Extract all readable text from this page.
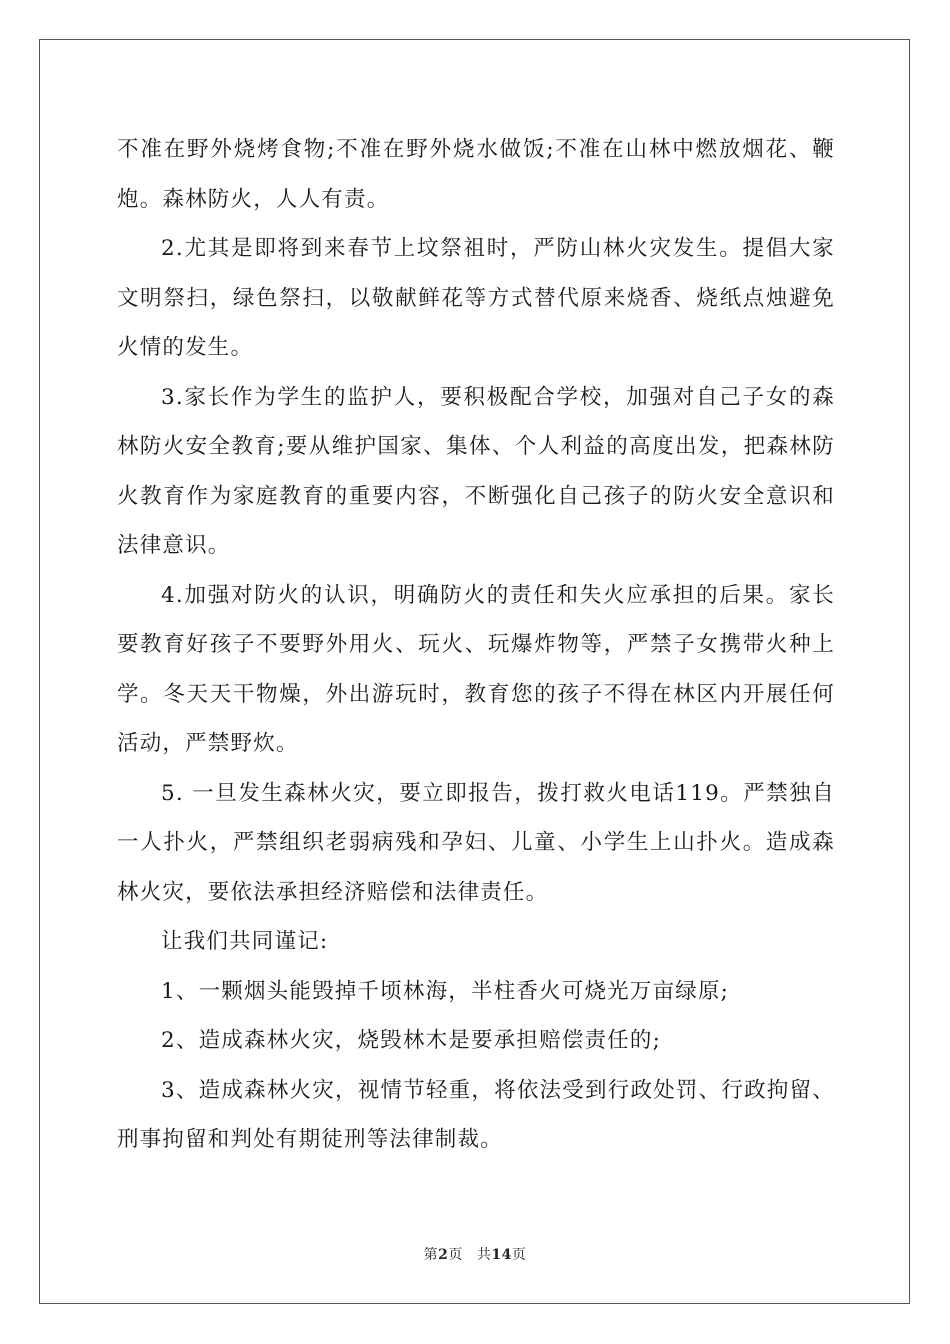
不准在野外烧烤食物;不准在野外烧水做饭;不准在山林中燃放烟花、鞭炮。森林防火，人人有责。

2.尤其是即将到来春节上坟祭祖时，严防山林火灾发生。提倡大家文明祭扫，绿色祭扫，以敬献鲜花等方式替代原来烧香、烧纸点烛避免火情的发生。

3.家长作为学生的监护人，要积极配合学校，加强对自己子女的森林防火安全教育;要从维护国家、集体、个人利益的高度出发，把森林防火教育作为家庭教育的重要内容，不断强化自己孩子的防火安全意识和法律意识。

4.加强对防火的认识，明确防火的责任和失火应承担的后果。家长要教育好孩子不要野外用火、玩火、玩爆炸物等，严禁子女携带火种上学。冬天天干物燥，外出游玩时，教育您的孩子不得在林区内开展任何活动，严禁野炊。

5. 一旦发生森林火灾，要立即报告，拨打救火电话119。严禁独自一人扑火，严禁组织老弱病残和孕妇、儿童、小学生上山扑火。造成森林火灾，要依法承担经济赔偿和法律责任。

让我们共同谨记:

1、一颗烟头能毁掉千顷林海，半柱香火可烧光万亩绿原;

2、造成森林火灾，烧毁林木是要承担赔偿责任的;

3、造成森林火灾，视情节轻重，将依法受到行政处罚、行政拘留、刑事拘留和判处有期徒刑等法律制裁。

第2页 共14页
